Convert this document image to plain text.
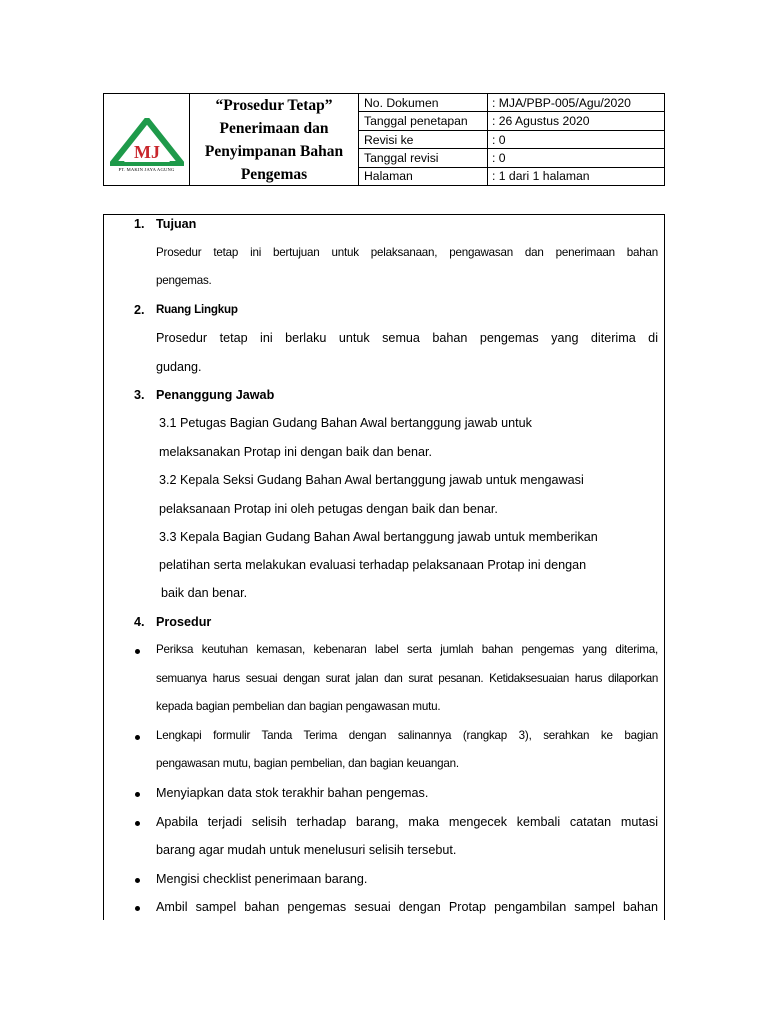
MJ
PT. MAKIN JAYA AGUNG
“Prosedur Tetap”
Penerimaan dan
Penyimpanan Bahan
Pengemas
No. Dokumen	: MJA/PBP-005/Agu/2020
Tanggal penetapan	: 26 Agustus 2020
Revisi ke	: 0
Tanggal revisi	: 0
Halaman	: 1 dari 1 halaman
1. Tujuan
Prosedur tetap ini bertujuan untuk pelaksanaan, pengawasan dan penerimaan bahan
pengemas.
2. Ruang Lingkup
Prosedur tetap ini berlaku untuk semua bahan pengemas yang diterima di
gudang.
3. Penanggung Jawab
3.1 Petugas Bagian Gudang Bahan Awal bertanggung jawab untuk
melaksanakan Protap ini dengan baik dan benar.
3.2 Kepala Seksi Gudang Bahan Awal bertanggung jawab untuk mengawasi
pelaksanaan Protap ini oleh petugas dengan baik dan benar.
3.3 Kepala Bagian Gudang Bahan Awal bertanggung jawab untuk memberikan
pelatihan serta melakukan evaluasi terhadap pelaksanaan Protap ini dengan
baik dan benar.
4. Prosedur
Periksa keutuhan kemasan, kebenaran label serta jumlah bahan pengemas yang diterima,
semuanya harus sesuai dengan surat jalan dan surat pesanan. Ketidaksesuaian harus dilaporkan
kepada bagian pembelian dan bagian pengawasan mutu.
Lengkapi formulir Tanda Terima dengan salinannya (rangkap 3), serahkan ke bagian
pengawasan mutu, bagian pembelian, dan bagian keuangan.
Menyiapkan data stok terakhir bahan pengemas.
Apabila terjadi selisih terhadap barang, maka mengecek kembali catatan mutasi
barang agar mudah untuk menelusuri selisih tersebut.
Mengisi checklist penerimaan barang.
Ambil sampel bahan pengemas sesuai dengan Protap pengambilan sampel bahan
